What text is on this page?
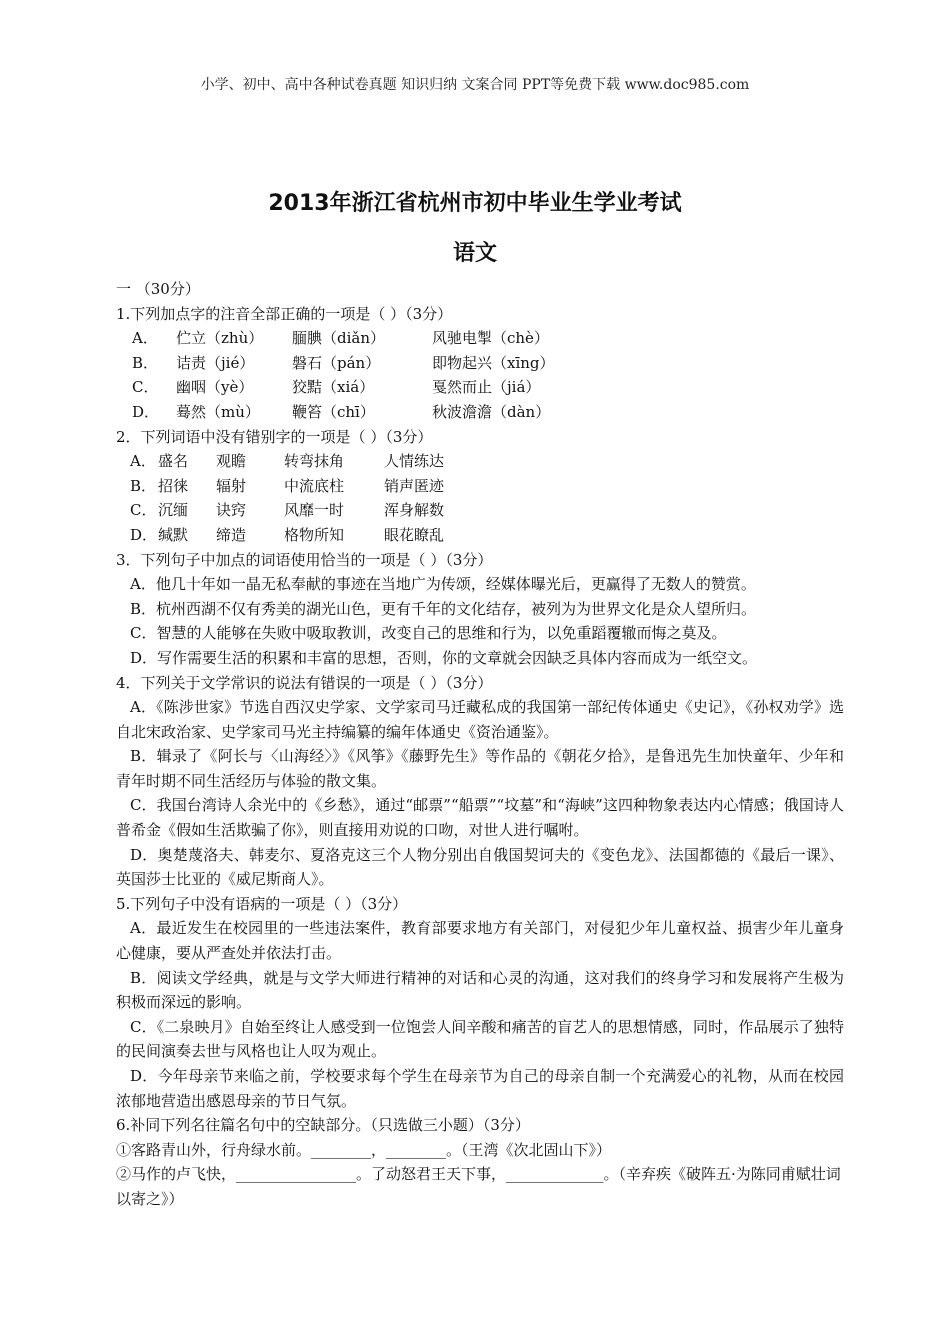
小学、初中、高中各种试卷真题 知识归纳 文案合同 PPT等免费下载 www.doc985.com
2013年浙江省杭州市初中毕业生学业考试
语文
一 （30分）
1.下列加点字的注音全部正确的一项是（ ）（3分）
A．	伫立（zhù）	腼腆（diǎn）	风驰电掣（chè）
B．	诘责（jié）	磐石（pán）	即物起兴（xīng）
C．	幽咽（yè）	狡黠（xiá）	戛然而止（jiá）
D．	蓦然（mù）	鞭笞（chī）	秋波澹澹（dàn）
2．下列词语中没有错别字的一项是（ ）（3分）
A． 盛名	观瞻	转弯抹角	人情练达
B． 招徕	辐射	中流底柱	销声匿迹
C． 沉缅	诀窍	风靡一时	浑身解数
D． 缄默	缔造	格物所知	眼花瞭乱
3．下列句子中加点的词语使用恰当的一项是（ ）（3分）
A．他几十年如一晶无私奉献的事迹在当地广为传颂，经媒体曝光后，更赢得了无数人的赞赏。
B．杭州西湖不仅有秀美的湖光山色，更有千年的文化结存，被列为为世界文化是众人望所归。
C．智慧的人能够在失败中吸取教训，改变自己的思维和行为，以免重蹈覆辙而悔之莫及。
D．写作需要生活的积累和丰富的思想，否则，你的文章就会因缺乏具体内容而成为一纸空文。
4．下列关于文学常识的说法有错误的一项是（ ）（3分）
A．《陈涉世家》节选自西汉史学家、文学家司马迁藏私成的我国第一部纪传体通史《史记》，《孙权劝学》选 自北宋政治家、史学家司马光主持编纂的编年体通史《资治通鉴》。
B．辑录了《阿长与〈山海经〉》《风筝》《藤野先生》等作品的《朝花夕拾》，是鲁迅先生加快童年、少年和青年时期不同生活经历与体验的散文集。
C．我国台湾诗人余光中的《乡愁》，通过“邮票”“船票”“坟墓”和“海峡”这四种物象表达内心情感；俄国诗人普希金《假如生活欺骗了你》，则直接用劝说的口吻，对世人进行嘱咐。
D．奥楚蔑洛夫、韩麦尔、夏洛克这三个人物分别出自俄国契诃夫的《变色龙》、法国都德的《最后一课》、英国莎士比亚的《威尼斯商人》。
5.下列句子中没有语病的一项是（ ）（3分）
A．最近发生在校园里的一些违法案件，教育部要求地方有关部门，对侵犯少年儿童权益、损害少年儿童身心健康，要从严查处并依法打击。
B．阅读文学经典，就是与文学大师进行精神的对话和心灵的沟通，这对我们的终身学习和发展将产生极为积极而深远的影响。
C．《二泉映月》自始至终让人感受到一位饱尝人间辛酸和痛苦的盲艺人的思想情感，同时，作品展示了独特的民间演奏去世与风格也让人叹为观止。
D．今年母亲节来临之前，学校要求每个学生在母亲节为自己的母亲自制一个充满爱心的礼物，从而在校园浓郁地营造出感恩母亲的节日气氛。
6.补同下列名往篇名句中的空缺部分。（只选做三小题）（3分）
①客路青山外，行舟绿水前。________，________。（王湾《次北固山下》）
②马作的卢飞快，________________。了动怒君王天下事，_____________。（辛弃疾《破阵五·为陈同甫赋壮词以寄之》）
